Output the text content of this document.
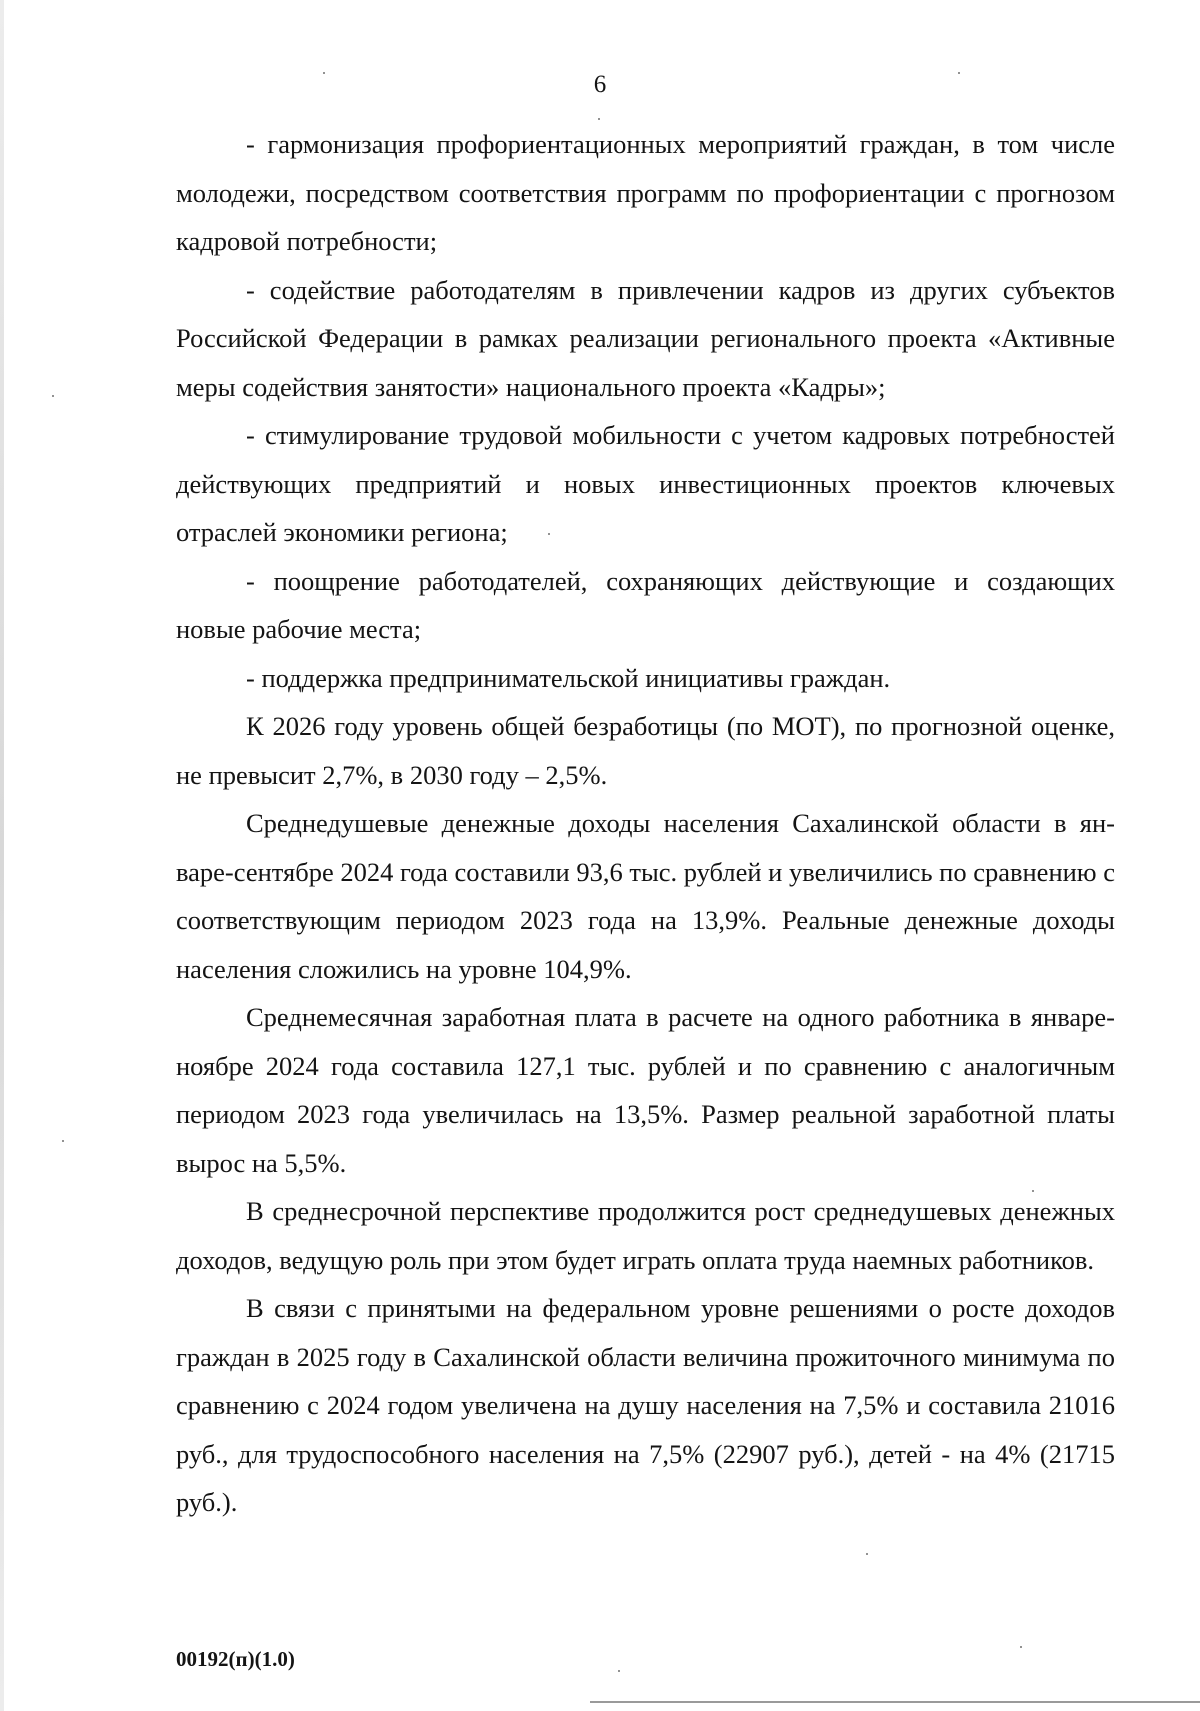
6

- гармонизация профориентационных мероприятий граждан, в том числе молодежи, посредством соответствия программ по профориентации с прогнозом кадровой потребности;

- содействие работодателям в привлечении кадров из других субъектов Российской Федерации в рамках реализации регионального проекта «Активные меры содействия занятости» национального проекта «Кадры»;

- стимулирование трудовой мобильности с учетом кадровых потребностей действующих предприятий и новых инвестиционных проектов ключевых отраслей экономики региона;

- поощрение работодателей, сохраняющих действующие и создающих новые рабочие места;

- поддержка предпринимательской инициативы граждан.

К 2026 году уровень общей безработицы (по МОТ), по прогнозной оценке, не превысит 2,7%, в 2030 году – 2,5%.

Среднедушевые денежные доходы населения Сахалинской области в январе-сентябре 2024 года составили 93,6 тыс. рублей и увеличились по сравнению с соответствующим периодом 2023 года на 13,9%. Реальные денежные доходы населения сложились на уровне 104,9%.

Среднемесячная заработная плата в расчете на одного работника в январе-ноябре 2024 года составила 127,1 тыс. рублей и по сравнению с аналогичным периодом 2023 года увеличилась на 13,5%. Размер реальной заработной платы вырос на 5,5%.

В среднесрочной перспективе продолжится рост среднедушевых денежных доходов, ведущую роль при этом будет играть оплата труда наемных работников.

В связи с принятыми на федеральном уровне решениями о росте доходов граждан в 2025 году в Сахалинской области величина прожиточного минимума по сравнению с 2024 годом увеличена на душу населения на 7,5% и составила 21016 руб., для трудоспособного населения на 7,5% (22907 руб.), детей - на 4% (21715 руб.).

00192(п)(1.0)
